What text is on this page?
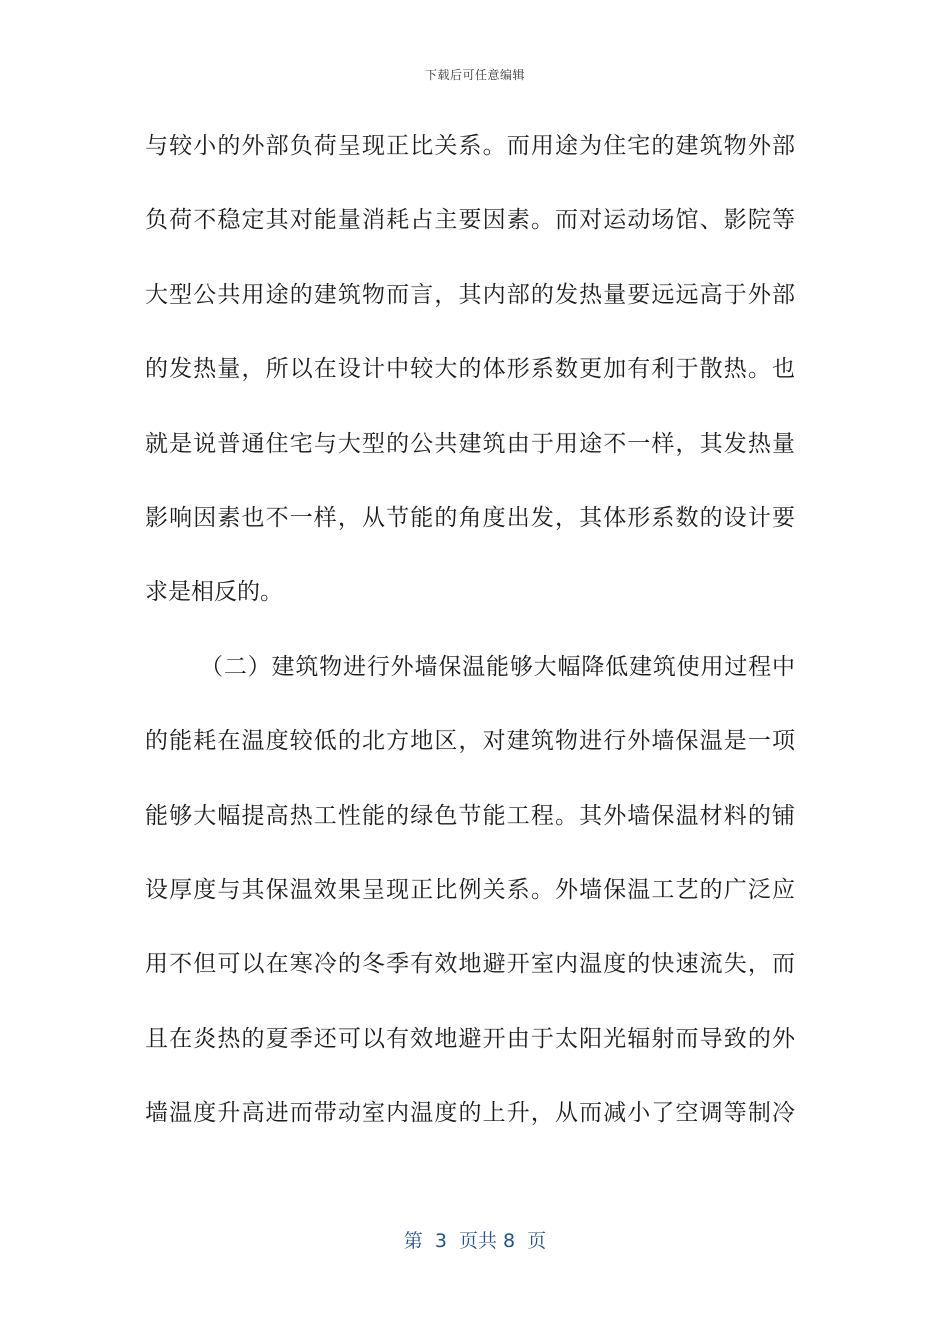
下载后可任意编辑
与较小的外部负荷呈现正比关系。而用途为住宅的建筑物外部
负荷不稳定其对能量消耗占主要因素。而对运动场馆、影院等
大型公共用途的建筑物而言，其内部的发热量要远远高于外部
的发热量，所以在设计中较大的体形系数更加有利于散热。也
就是说普通住宅与大型的公共建筑由于用途不一样，其发热量
影响因素也不一样，从节能的角度出发，其体形系数的设计要
求是相反的。
（二）建筑物进行外墙保温能够大幅降低建筑使用过程中
的能耗在温度较低的北方地区，对建筑物进行外墙保温是一项
能够大幅提高热工性能的绿色节能工程。其外墙保温材料的铺
设厚度与其保温效果呈现正比例关系。外墙保温工艺的广泛应
用不但可以在寒冷的冬季有效地避开室内温度的快速流失，而
且在炎热的夏季还可以有效地避开由于太阳光辐射而导致的外
墙温度升高进而带动室内温度的上升，从而减小了空调等制冷
第  3  页共 8  页
